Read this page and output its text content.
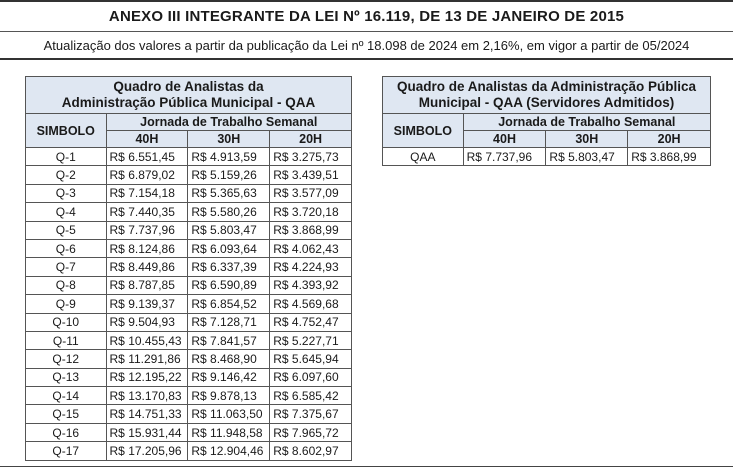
ANEXO III INTEGRANTE DA LEI Nº 16.119, DE 13 DE JANEIRO DE 2015
Atualização dos valores a partir da publicação da Lei nº 18.098 de 2024 em 2,16%, em vigor a partir de 05/2024
Quadro de Analistas da
Administração Pública Municipal - QAA			

SIMBOLO	Jornada de Trabalho Semanal		
	40H	30H	20H
Q-1	R$ 6.551,45	R$ 4.913,59	R$ 3.275,73
Q-2	R$ 6.879,02	R$ 5.159,26	R$ 3.439,51
Q-3	R$ 7.154,18	R$ 5.365,63	R$ 3.577,09
Q-4	R$ 7.440,35	R$ 5.580,26	R$ 3.720,18
Q-5	R$ 7.737,96	R$ 5.803,47	R$ 3.868,99
Q-6	R$ 8.124,86	R$ 6.093,64	R$ 4.062,43
Q-7	R$ 8.449,86	R$ 6.337,39	R$ 4.224,93
Q-8	R$ 8.787,85	R$ 6.590,89	R$ 4.393,92
Q-9	R$ 9.139,37	R$ 6.854,52	R$ 4.569,68
Q-10	R$ 9.504,93	R$ 7.128,71	R$ 4.752,47
Q-11	R$ 10.455,43	R$ 7.841,57	R$ 5.227,71
Q-12	R$ 11.291,86	R$ 8.468,90	R$ 5.645,94
Q-13	R$ 12.195,22	R$ 9.146,42	R$ 6.097,60
Q-14	R$ 13.170,83	R$ 9.878,13	R$ 6.585,42
Q-15	R$ 14.751,33	R$ 11.063,50	R$ 7.375,67
Q-16	R$ 15.931,44	R$ 11.948,58	R$ 7.965,72
Q-17	R$ 17.205,96	R$ 12.904,46	R$ 8.602,97
Quadro de Analistas da Administração Pública
Municipal - QAA (Servidores Admitidos)			

SIMBOLO	Jornada de Trabalho Semanal		
	40H	30H	20H
QAA	R$ 7.737,96	R$ 5.803,47	R$ 3.868,99
